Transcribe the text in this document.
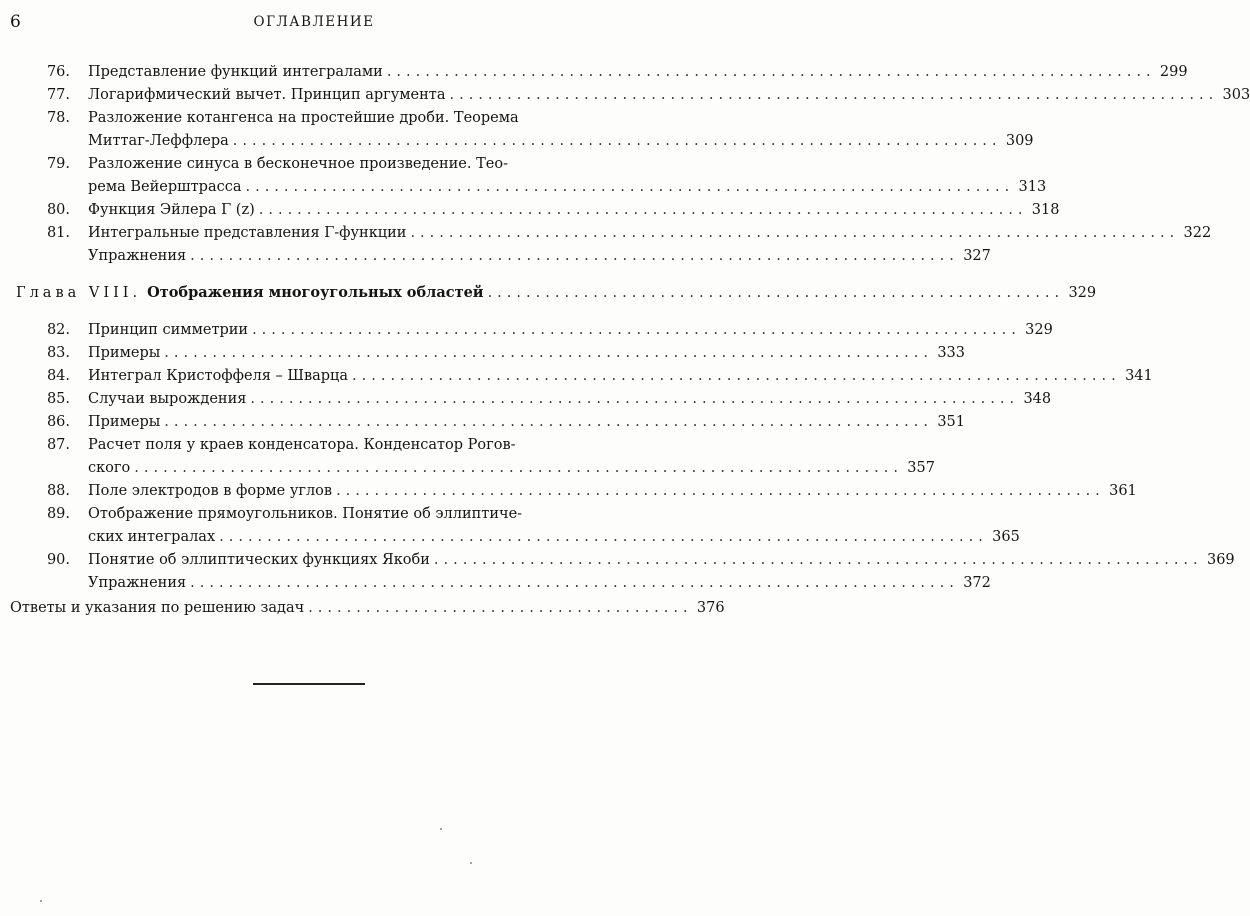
6	ОГЛАВЛЕНИЕ
76. Представление функций интегралами ................................................................................ 299
77. Логарифмический вычет. Принцип аргумента ................................................................................ 303
78. Разложение котангенса на простейшие дроби. Теорема
Миттаг-Леффлера ................................................................................ 309
79. Разложение синуса в бесконечное произведение. Тео-
рема Вейерштрасса ................................................................................ 313
80. Функция Эйлера Γ (z) ................................................................................ 318
81. Интегральные представления Γ-функции ................................................................................ 322
Упражнения ................................................................................ 327
Глава VIII. Отображения многоугольных областей ............................................................ 329
82. Принцип симметрии ................................................................................ 329
83. Примеры ................................................................................ 333
84. Интеграл Кристоффеля – Шварца ................................................................................ 341
85. Случаи вырождения ................................................................................ 348
86. Примеры ................................................................................ 351
87. Расчет поля у краев конденсатора. Конденсатор Рогов-
ского ................................................................................ 357
88. Поле электродов в форме углов ................................................................................ 361
89. Отображение прямоугольников. Понятие об эллиптиче-
ских интегралах ................................................................................ 365
90. Понятие об эллиптических функциях Якоби ................................................................................ 369
Упражнения ................................................................................ 372
Ответы и указания по решению задач ........................................ 376
